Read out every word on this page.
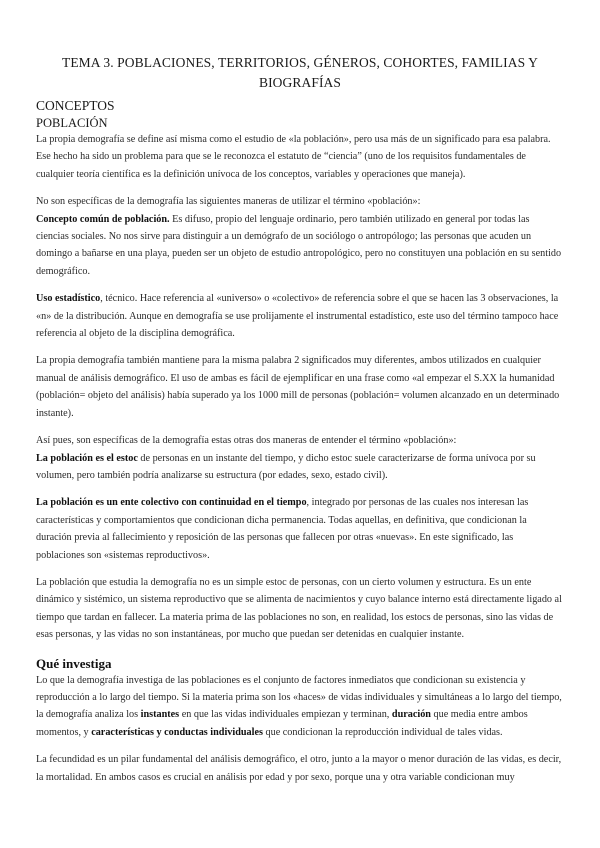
TEMA 3. POBLACIONES, TERRITORIOS, GÉNEROS, COHORTES, FAMILIAS Y BIOGRAFÍAS
CONCEPTOS
POBLACIÓN

La propia demografía se define así misma como el estudio de «la población», pero usa más de un significado para esa palabra. Ese hecho ha sido un problema para que se le reconozca el estatuto de “ciencia” (uno de los requisitos fundamentales de cualquier teoría científica es la definición unívoca de los conceptos, variables y operaciones que maneja).

No son específicas de la demografía las siguientes maneras de utilizar el término «población»:

Concepto común de población. Es difuso, propio del lenguaje ordinario, pero también utilizado en general por todas las ciencias sociales. No nos sirve para distinguir a un demógrafo de un sociólogo o antropólogo; las personas que acuden un domingo a bañarse en una playa, pueden ser un objeto de estudio antropológico, pero no constituyen una población en su sentido demográfico.

Uso estadístico, técnico. Hace referencia al «universo» o «colectivo» de referencia sobre el que se hacen las 3 observaciones, la «n» de la distribución. Aunque en demografía se use prolijamente el instrumental estadístico, este uso del término tampoco hace referencia al objeto de la disciplina demográfica.

La propia demografía también mantiene para la misma palabra 2 significados muy diferentes, ambos utilizados en cualquier manual de análisis demográfico. El uso de ambas es fácil de ejemplificar en una frase como «al empezar el S.XX la humanidad (población= objeto del análisis) había superado ya los 1000 mill de personas (población= volumen alcanzado en un determinado instante).

Así pues, son específicas de la demografía estas otras dos maneras de entender el término «población»:

La población es el estoc de personas en un instante del tiempo, y dicho estoc suele caracterizarse de forma unívoca por su volumen, pero también podría analizarse su estructura (por edades, sexo, estado civil).

La población es un ente colectivo con continuidad en el tiempo, integrado por personas de las cuales nos interesan las características y comportamientos que condicionan dicha permanencia. Todas aquellas, en definitiva, que condicionan la duración previa al fallecimiento y reposición de las personas que fallecen por otras «nuevas». En este significado, las poblaciones son «sistemas reproductivos».

La población que estudia la demografía no es un simple estoc de personas, con un cierto volumen y estructura. Es un ente dinámico y sistémico, un sistema reproductivo que se alimenta de nacimientos y cuyo balance interno está directamente ligado al tiempo que tardan en fallecer. La materia prima de las poblaciones no son, en realidad, los estocs de personas, sino las vidas de esas personas, y las vidas no son instantáneas, por mucho que puedan ser detenidas en cualquier instante.

Qué investiga

Lo que la demografía investiga de las poblaciones es el conjunto de factores inmediatos que condicionan su existencia y reproducción a lo largo del tiempo. Si la materia prima son los «haces» de vidas individuales y simultáneas a lo largo del tiempo, la demografía analiza los instantes en que las vidas individuales empiezan y terminan, duración que media entre ambos momentos, y características y conductas individuales que condicionan la reproducción individual de tales vidas.

La fecundidad es un pilar fundamental del análisis demográfico, el otro, junto a la mayor o menor duración de las vidas, es decir, la mortalidad. En ambos casos es crucial en análisis por edad y por sexo, porque una y otra variable condicionan muy
